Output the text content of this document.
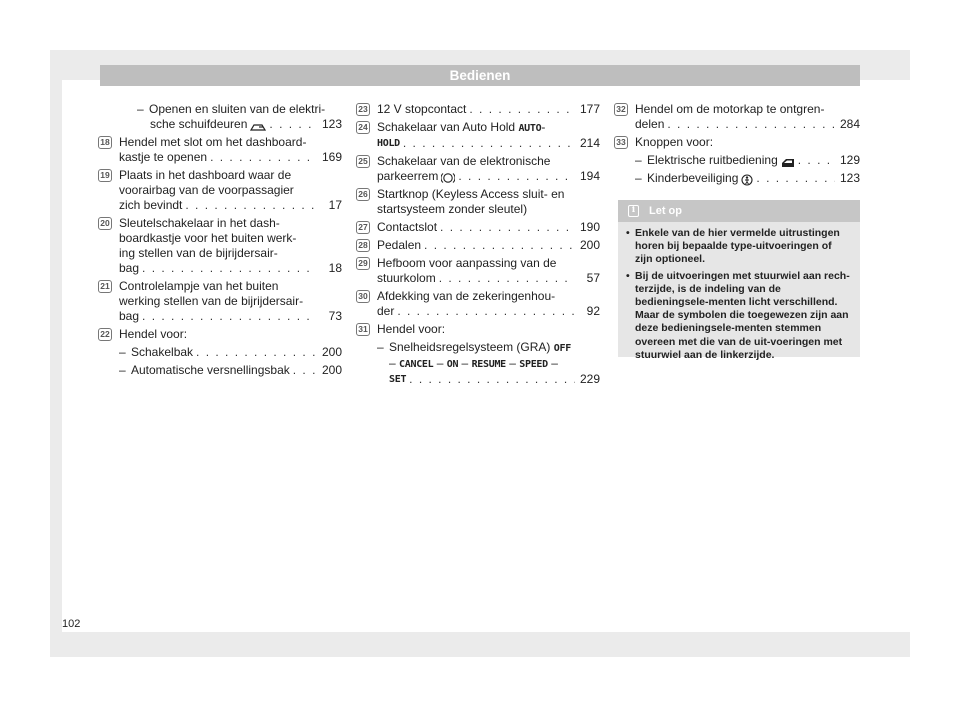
Bedienen
– Openen en sluiten van de elektri-
sche schuifdeuren . . .	123
18 Hendel met slot om het dashboard-
kastje te openen . . .	169
19 Plaats in het dashboard waar de
voorairbag van de voorpassagier
zich bevindt . . .	17
20 Sleutelschakelaar in het dash-
boardkastje voor het buiten werk-
ing stellen van de bijrijdersair-
bag . . .	18
21 Controlelampje van het buiten
werking stellen van de bijrijdersair-
bag . . .	73
22 Hendel voor:
– Schakelbak . . .	200
– Automatische versnellingsbak . . .	200
23 12 V stopcontact . . .	177
24 Schakelaar van Auto Hold AUTO-
HOLD . . .	214
25 Schakelaar van de elektronische
parkeerrem . . .	194
26 Startknop (Keyless Access sluit- en
startsysteem zonder sleutel)
27 Contactslot . . .	190
28 Pedalen . . .	200
29 Hefboom voor aanpassing van de
stuurkolom . . .	57
30 Afdekking van de zekeringenhou-
der . . .	92
31 Hendel voor:
– Snelheidsregelsysteem (GRA) OFF
– CANCEL – ON – RESUME – SPEED –
SET . . .	229
32 Hendel om de motorkap te ontgren-
delen . . .	284
33 Knoppen voor:
– Elektrische ruitbediening . . .	129
– Kinderbeveiliging . . .	123
i	Let op
• Enkele van de hier vermelde uitrustingen horen bij bepaalde type-uitvoeringen of zijn optioneel.
• Bij de uitvoeringen met stuurwiel aan rech-terzijde, is de indeling van de bedieningsele-menten licht verschillend. Maar de symbolen die toegewezen zijn aan deze bedieningsele-menten stemmen overeen met die van de uit-voeringen met stuurwiel aan de linkerzijde.
102
